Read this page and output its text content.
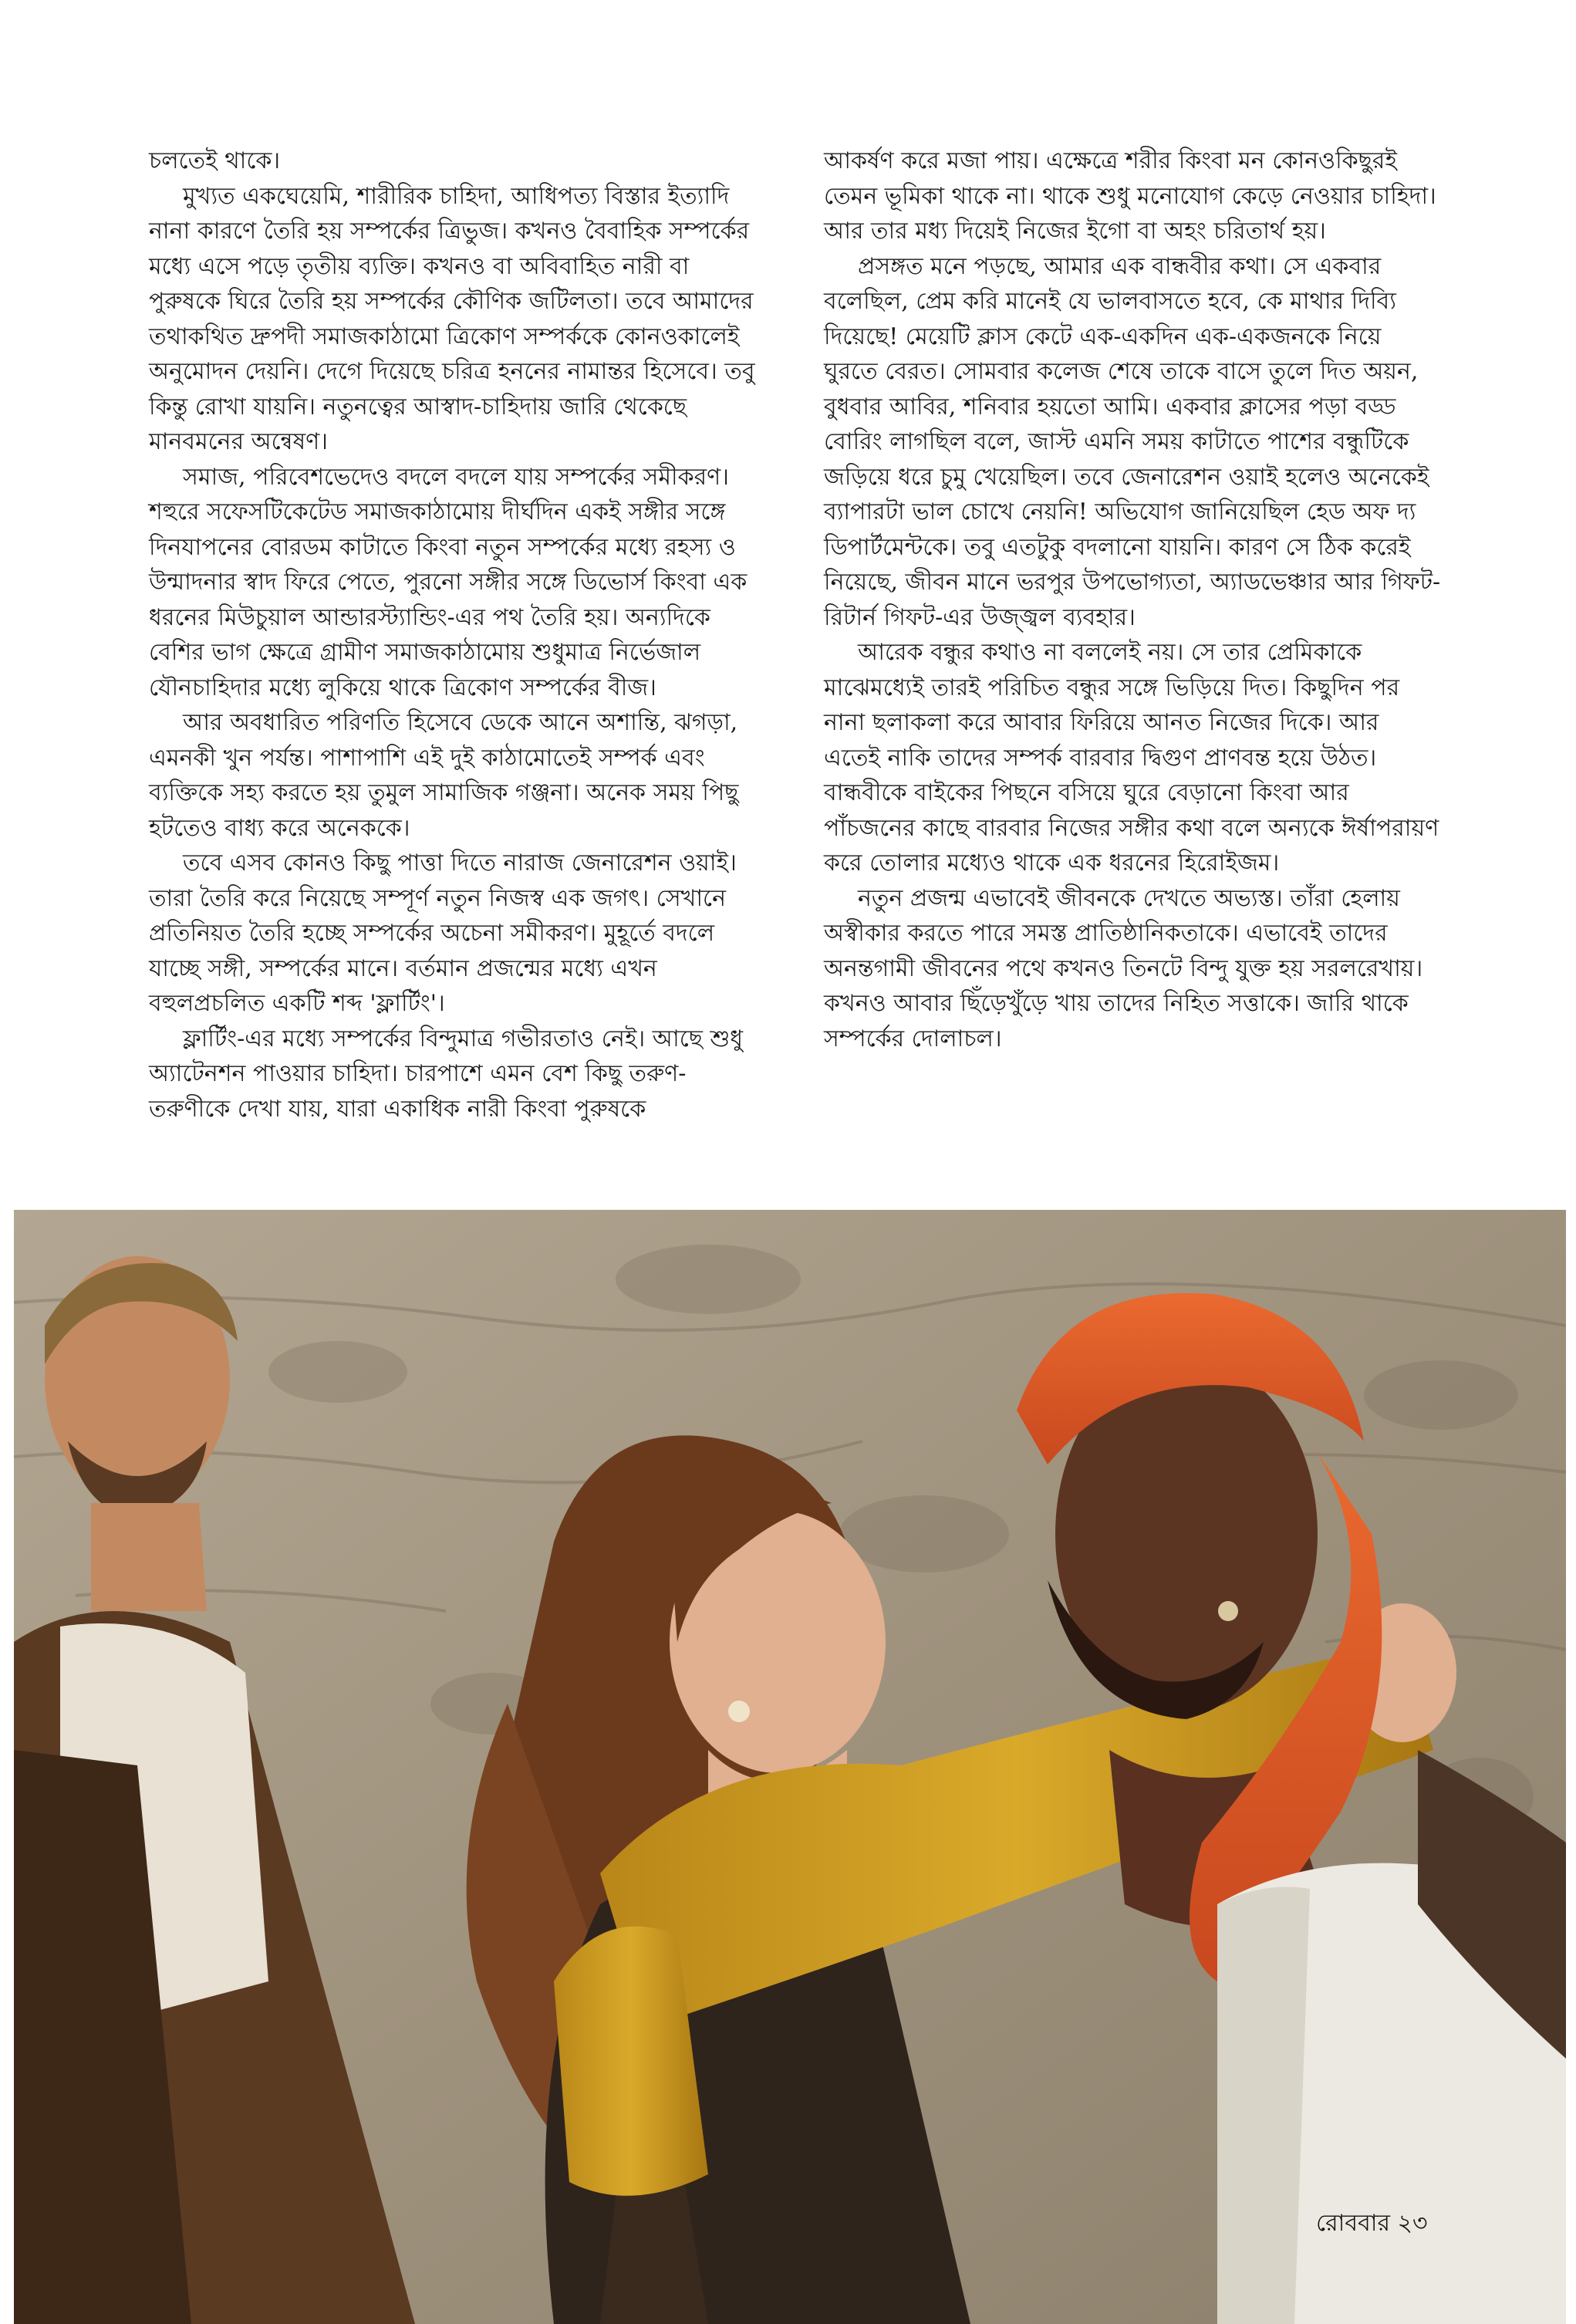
চলতেই থাকে।

মুখ্যত একঘেয়েমি, শারীরিক চাহিদা, আধিপত্য বিস্তার ইত্যাদি নানা কারণে তৈরি হয় সম্পর্কের ত্রিভুজ। কখনও বৈবাহিক সম্পর্কের মধ্যে এসে পড়ে তৃতীয় ব্যক্তি। কখনও বা অবিবাহিত নারী বা পুরুষকে ঘিরে তৈরি হয় সম্পর্কের কৌণিক জটিলতা। তবে আমাদের তথাকথিত দ্রুপদী সমাজকাঠামো ত্রিকোণ সম্পর্ককে কোনওকালেই অনুমোদন দেয়নি। দেগে দিয়েছে চরিত্র হননের নামান্তর হিসেবে। তবু কিন্তু রোখা যায়নি। নতুনত্বের আস্বাদ-চাহিদায় জারি থেকেছে মানবমনের অন্বেষণ।

সমাজ, পরিবেশভেদেও বদলে বদলে যায় সম্পর্কের সমীকরণ। শহুরে সফেসটিকেটেড সমাজকাঠামোয় দীর্ঘদিন একই সঙ্গীর সঙ্গে দিনযাপনের বোরডম কাটাতে কিংবা নতুন সম্পর্কের মধ্যে রহস্য ও উন্মাদনার স্বাদ ফিরে পেতে, পুরনো সঙ্গীর সঙ্গে ডিভোর্স কিংবা এক ধরনের মিউচুয়াল আন্ডারস্ট্যান্ডিং-এর পথ তৈরি হয়। অন্যদিকে বেশির ভাগ ক্ষেত্রে গ্রামীণ সমাজকাঠামোয় শুধুমাত্র নির্ভেজাল যৌনচাহিদার মধ্যে লুকিয়ে থাকে ত্রিকোণ সম্পর্কের বীজ।

আর অবধারিত পরিণতি হিসেবে ডেকে আনে অশান্তি, ঝগড়া, এমনকী খুন পর্যন্ত। পাশাপাশি এই দুই কাঠামোতেই সম্পর্ক এবং ব্যক্তিকে সহ্য করতে হয় তুমুল সামাজিক গঞ্জনা। অনেক সময় পিছু হটতেও বাধ্য করে অনেককে।

তবে এসব কোনও কিছু পাত্তা দিতে নারাজ জেনারেশন ওয়াই। তারা তৈরি করে নিয়েছে সম্পূর্ণ নতুন নিজস্ব এক জগৎ। সেখানে প্রতিনিয়ত তৈরি হচ্ছে সম্পর্কের অচেনা সমীকরণ। মুহূর্তে বদলে যাচ্ছে সঙ্গী, সম্পর্কের মানে। বর্তমান প্রজন্মের মধ্যে এখন বহুলপ্রচলিত একটি শব্দ 'ফ্লার্টিং'।

ফ্লার্টিং-এর মধ্যে সম্পর্কের বিন্দুমাত্র গভীরতাও নেই। আছে শুধু অ্যাটেনশন পাওয়ার চাহিদা। চারপাশে এমন বেশ কিছু তরুণ-তরুণীকে দেখা যায়, যারা একাধিক নারী কিংবা পুরুষকে

আকর্ষণ করে মজা পায়। এক্ষেত্রে শরীর কিংবা মন কোনওকিছুরই তেমন ভূমিকা থাকে না। থাকে শুধু মনোযোগ কেড়ে নেওয়ার চাহিদা। আর তার মধ্য দিয়েই নিজের ইগো বা অহং চরিতার্থ হয়।

প্রসঙ্গত মনে পড়ছে, আমার এক বান্ধবীর কথা। সে একবার বলেছিল, প্রেম করি মানেই যে ভালবাসতে হবে, কে মাথার দিব্যি দিয়েছে! মেয়েটি ক্লাস কেটে এক-একদিন এক-একজনকে নিয়ে ঘুরতে বেরত। সোমবার কলেজ শেষে তাকে বাসে তুলে দিত অয়ন, বুধবার আবির, শনিবার হয়তো আমি। একবার ক্লাসের পড়া বড্ড বোরিং লাগছিল বলে, জাস্ট এমনি সময় কাটাতে পাশের বন্ধুটিকে জড়িয়ে ধরে চুমু খেয়েছিল। তবে জেনারেশন ওয়াই হলেও অনেকেই ব্যাপারটা ভাল চোখে নেয়নি! অভিযোগ জানিয়েছিল হেড অফ দ্য ডিপার্টমেন্টকে। তবু এতটুকু বদলানো যায়নি। কারণ সে ঠিক করেই নিয়েছে, জীবন মানে ভরপুর উপভোগ্যতা, অ্যাডভেঞ্চার আর গিফট-রিটার্ন গিফট-এর উজ্জ্বল ব্যবহার।

আরেক বন্ধুর কথাও না বললেই নয়। সে তার প্রেমিকাকে মাঝেমধ্যেই তারই পরিচিত বন্ধুর সঙ্গে ভিড়িয়ে দিত। কিছুদিন পর নানা ছলাকলা করে আবার ফিরিয়ে আনত নিজের দিকে। আর এতেই নাকি তাদের সম্পর্ক বারবার দ্বিগুণ প্রাণবন্ত হয়ে উঠত। বান্ধবীকে বাইকের পিছনে বসিয়ে ঘুরে বেড়ানো কিংবা আর পাঁচজনের কাছে বারবার নিজের সঙ্গীর কথা বলে অন্যকে ঈর্ষাপরায়ণ করে তোলার মধ্যেও থাকে এক ধরনের হিরোইজম।

নতুন প্রজন্ম এভাবেই জীবনকে দেখতে অভ্যস্ত। তাঁরা হেলায় অস্বীকার করতে পারে সমস্ত প্রাতিষ্ঠানিকতাকে। এভাবেই তাদের অনন্তগামী জীবনের পথে কখনও তিনটে বিন্দু যুক্ত হয় সরলরেখায়। কখনও আবার ছিঁড়েখুঁড়ে খায় তাদের নিহিত সত্তাকে। জারি থাকে সম্পর্কের দোলাচল।

রোববার ২৩
